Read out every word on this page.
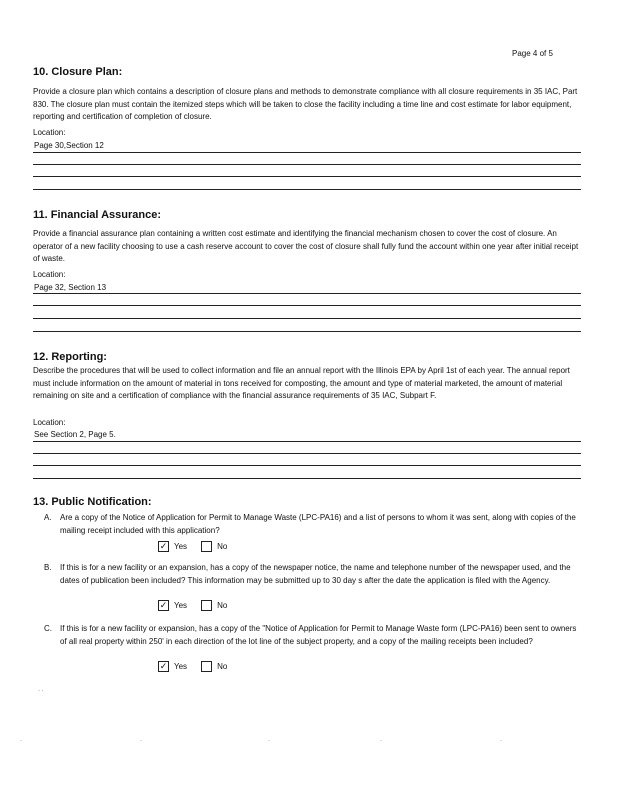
Page 4 of 5
10. Closure Plan:
Provide a closure plan which contains a description of closure plans and methods to demonstrate compliance with all closure requirements in 35 IAC, Part 830. The closure plan must contain the itemized steps which will be taken to close the facility including a time line and cost estimate for labor equipment, reporting and certification of completion of closure.
Location:
Page 30,Section 12
11. Financial Assurance:
Provide a financial assurance plan containing a written cost estimate and identifying the financial mechanism chosen to cover the cost of closure. An operator of a new facility choosing to use a cash reserve account to cover the cost of closure shall fully fund the account within one year after initial receipt of waste.
Location:
Page 32, Section 13
12. Reporting:
Describe the procedures that will be used to collect information and file an annual report with the Illinois EPA by April 1st of each year. The annual report must include information on the amount of material in tons received for composting, the amount and type of material marketed, the amount of material remaining on site and a certification of compliance with the financial assurance requirements of 35 IAC, Subpart F.
Location:
See Section 2, Page 5.
13. Public Notification:
A. Are a copy of the Notice of Application for Permit to Manage Waste (LPC-PA16) and a list of persons to whom it was sent, along with copies of the mailing receipt included with this application?
✓ Yes	No
B. If this is for a new facility or an expansion, has a copy of the newspaper notice, the name and telephone number of the newspaper used, and the dates of publication been included? This information may be submitted up to 30 day s after the date the application is filed with the Agency.
✓ Yes	No
C. If this is for a new facility or expansion, has a copy of the "Notice of Application for Permit to Manage Waste form (LPC-PA16) been sent to owners of all real property within 250' in each direction of the lot line of the subject property, and a copy of the mailing receipts been included?
✓ Yes	No
· ·
·	·	·	·	·
